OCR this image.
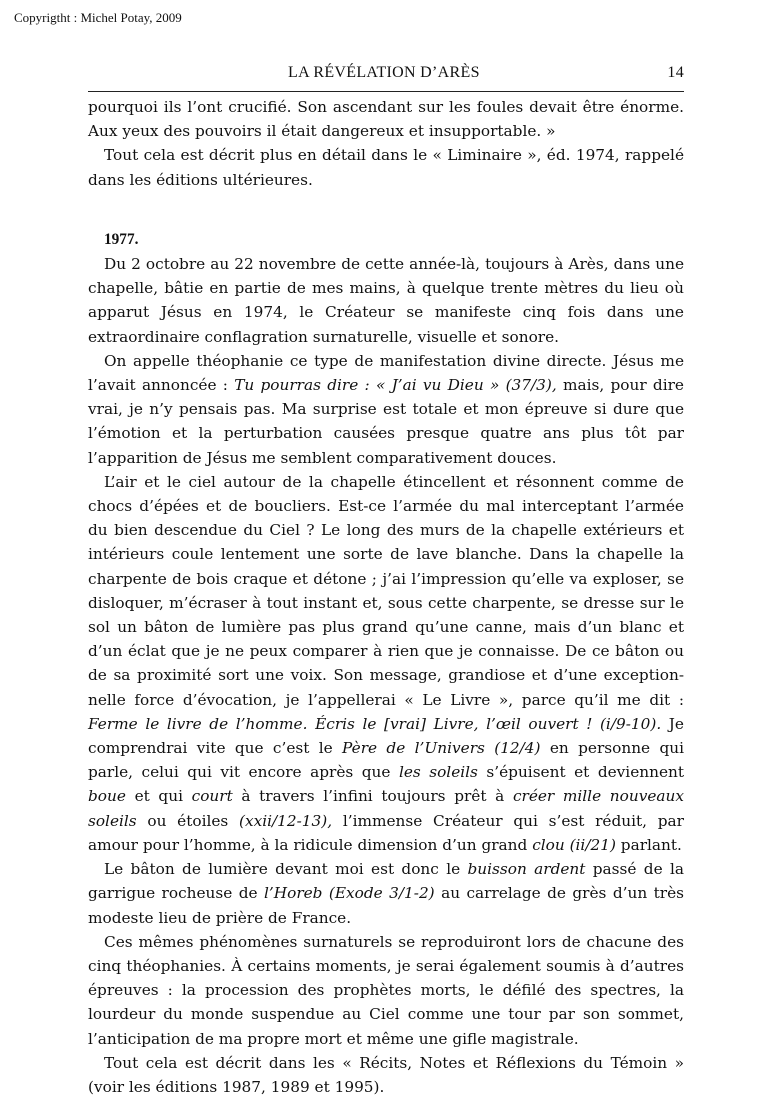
Copyrigtht : Michel Potay, 2009
LA RÉVÉLATION D’ARÈS	14

pourquoi ils l’ont crucifié. Son ascendant sur les foules devait être énorme. Aux yeux des pouvoirs il était dangereux et insupportable. »

Tout cela est décrit plus en détail dans le « Liminaire », éd. 1974, rappelé dans les éditions ultérieures.

1977.

Du 2 octobre au 22 novembre de cette année-là, toujours à Arès, dans une chapelle, bâtie en partie de mes mains, à quelque trente mètres du lieu où apparut Jésus en 1974, le Créateur se manifeste cinq fois dans une extraordinaire conflagration surnaturelle, visuelle et sonore.

On appelle théophanie ce type de manifestation divine directe. Jésus me l’avait annoncée : Tu pourras dire : « J’ai vu Dieu » (37/3), mais, pour dire vrai, je n’y pensais pas. Ma surprise est totale et mon épreuve si dure que l’émotion et la perturbation causées presque quatre ans plus tôt par l’apparition de Jésus me semblent comparativement douces.

L’air et le ciel autour de la chapelle étincellent et résonnent comme de chocs d’épées et de boucliers. Est-ce l’armée du mal interceptant l’armée du bien descendue du Ciel ? Le long des murs de la chapelle extérieurs et intérieurs coule lentement une sorte de lave blanche. Dans la chapelle la charpente de bois craque et détone ; j’ai l’impression qu’elle va exploser, se disloquer, m’écraser à tout instant et, sous cette charpente, se dresse sur le sol un bâton de lumière pas plus grand qu’une canne, mais d’un blanc et d’un éclat que je ne peux comparer à rien que je connaisse. De ce bâton ou de sa proximité sort une voix. Son message, grandiose et d’une exception-nelle force d’évocation, je l’appellerai « Le Livre », parce qu’il me dit : Ferme le livre de l’homme. Écris le [vrai] Livre, l’œil ouvert ! (i/9-10). Je comprendrai vite que c’est le Père de l’Univers (12/4) en personne qui parle, celui qui vit encore après que les soleils s’épuisent et deviennent boue et qui court à travers l’infini toujours prêt à créer mille nouveaux soleils ou étoiles (xxii/12-13), l’immense Créateur qui s’est réduit, par amour pour l’homme, à la ridicule dimension d’un grand clou (ii/21) parlant.

Le bâton de lumière devant moi est donc le buisson ardent passé de la garrigue rocheuse de l’Horeb (Exode 3/1-2) au carrelage de grès d’un très modeste lieu de prière de France.

Ces mêmes phénomènes surnaturels se reproduiront lors de chacune des cinq théophanies. À certains moments, je serai également soumis à d’autres épreuves : la procession des prophètes morts, le défilé des spectres, la lourdeur du monde suspendue au Ciel comme une tour par son sommet, l’anticipation de ma propre mort et même une gifle magistrale.

Tout cela est décrit dans les « Récits, Notes et Réflexions du Témoin » (voir les éditions 1987, 1989 et 1995).
